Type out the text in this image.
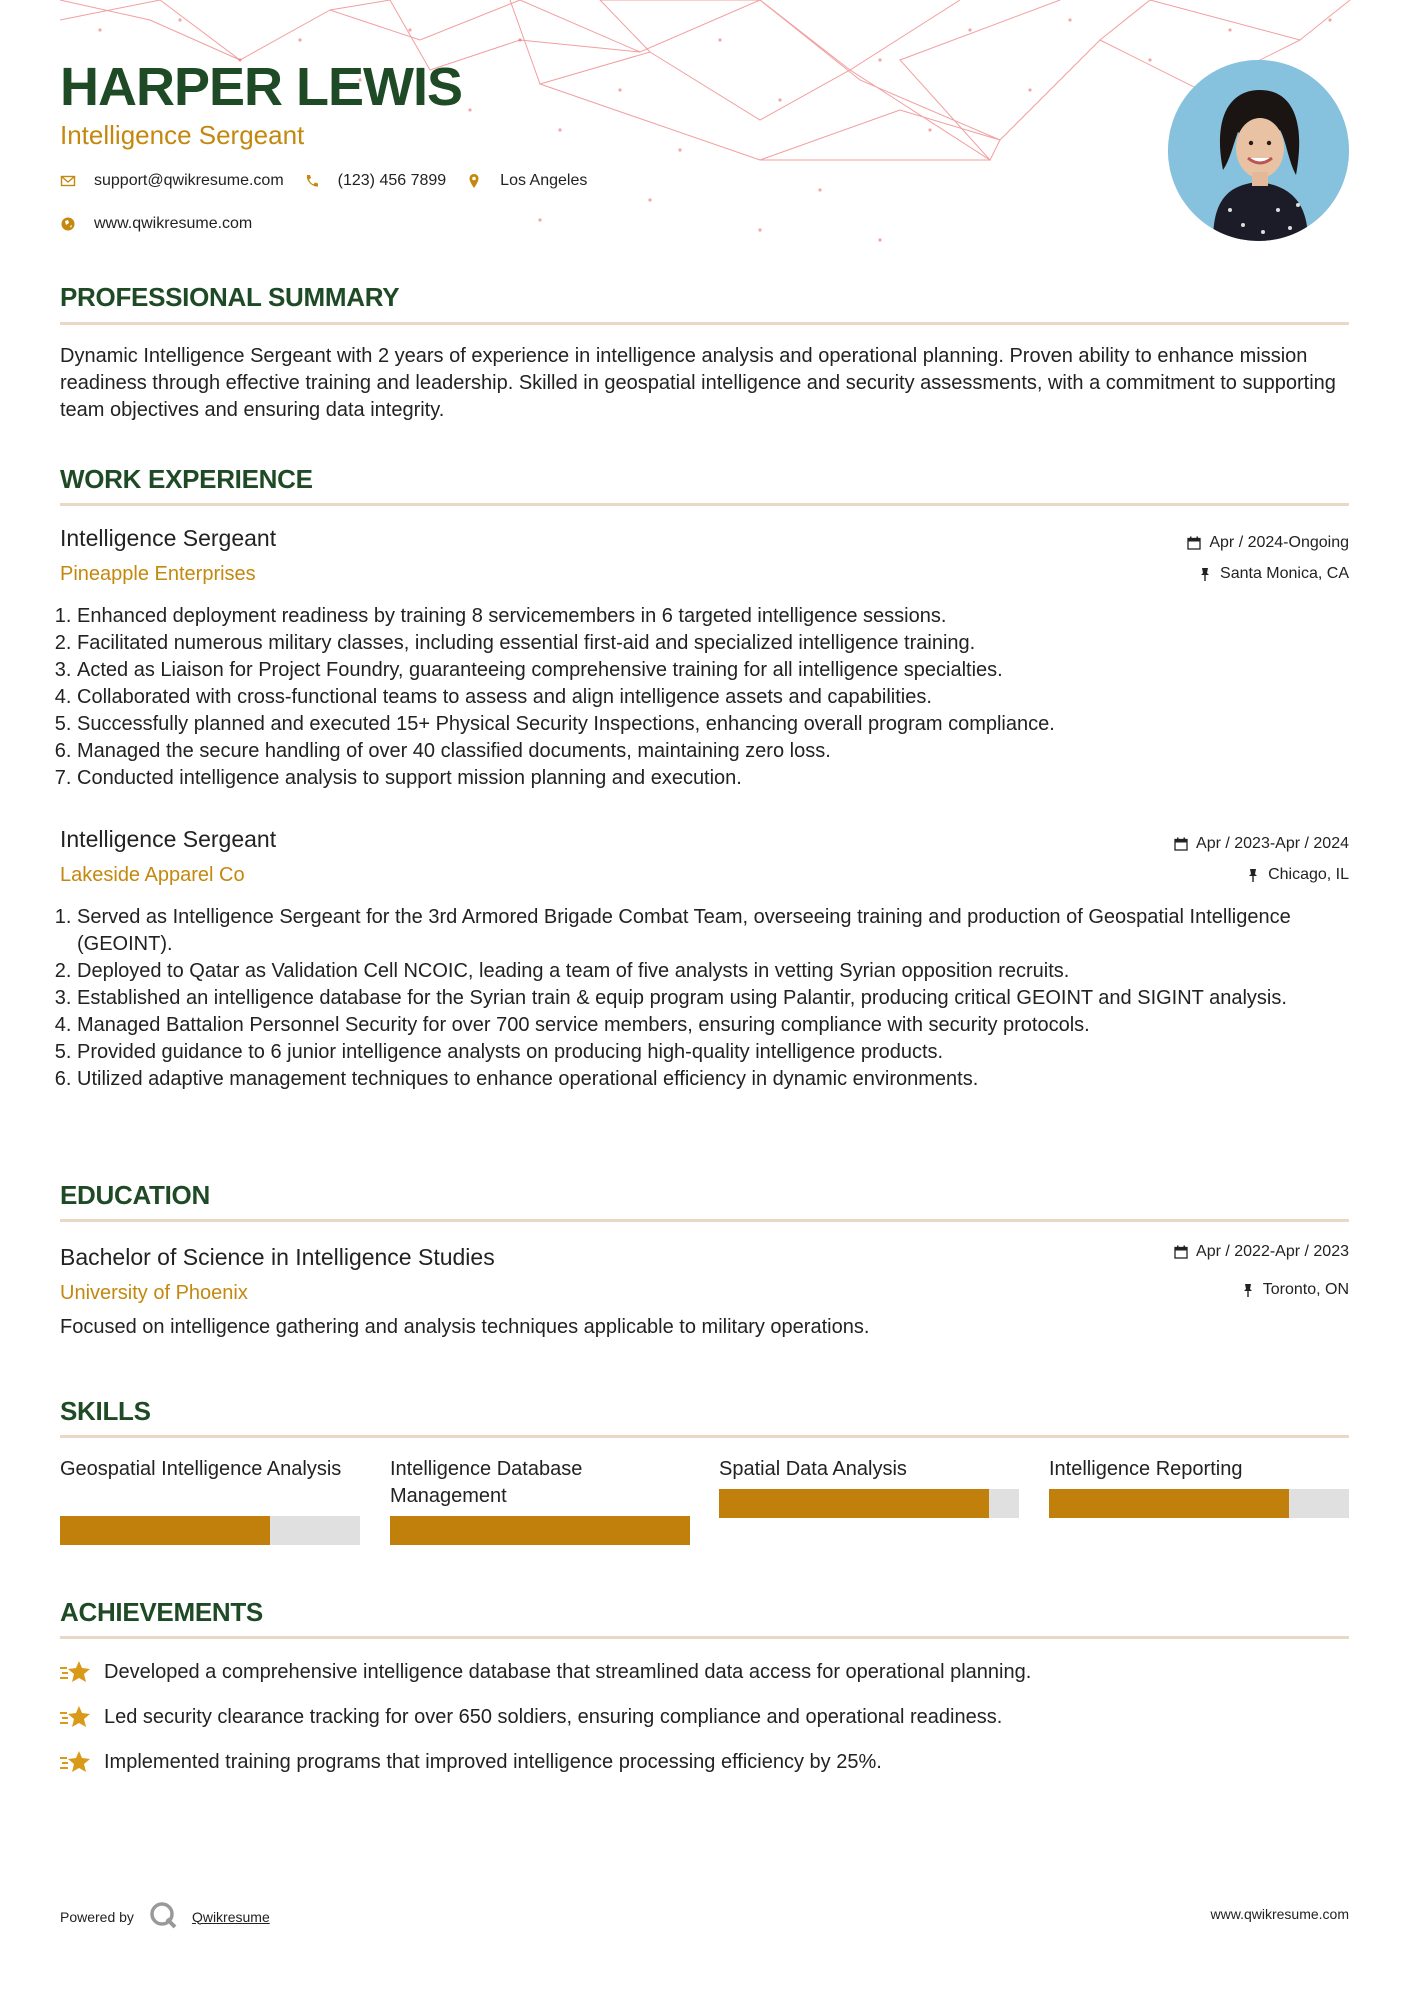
HARPER LEWIS
Intelligence Sergeant
support@qwikresume.com	(123) 456 7899	Los Angeles
www.qwikresume.com
PROFESSIONAL SUMMARY

Dynamic Intelligence Sergeant with 2 years of experience in intelligence analysis and operational planning. Proven ability to enhance mission readiness through effective training and leadership. Skilled in geospatial intelligence and security assessments, with a commitment to supporting team objectives and ensuring data integrity.

WORK EXPERIENCE
Intelligence Sergeant
Pineapple Enterprises
Apr / 2024-Ongoing
Santa Monica, CA
1. Enhanced deployment readiness by training 8 servicemembers in 6 targeted intelligence sessions.
2. Facilitated numerous military classes, including essential first-aid and specialized intelligence training.
3. Acted as Liaison for Project Foundry, guaranteeing comprehensive training for all intelligence specialties.
4. Collaborated with cross-functional teams to assess and align intelligence assets and capabilities.
5. Successfully planned and executed 15+ Physical Security Inspections, enhancing overall program compliance.
6. Managed the secure handling of over 40 classified documents, maintaining zero loss.
7. Conducted intelligence analysis to support mission planning and execution.
Intelligence Sergeant
Lakeside Apparel Co
Apr / 2023-Apr / 2024
Chicago, IL
1. Served as Intelligence Sergeant for the 3rd Armored Brigade Combat Team, overseeing training and production of Geospatial Intelligence (GEOINT).
2. Deployed to Qatar as Validation Cell NCOIC, leading a team of five analysts in vetting Syrian opposition recruits.
3. Established an intelligence database for the Syrian train & equip program using Palantir, producing critical GEOINT and SIGINT analysis.
4. Managed Battalion Personnel Security for over 700 service members, ensuring compliance with security protocols.
5. Provided guidance to 6 junior intelligence analysts on producing high-quality intelligence products.
6. Utilized adaptive management techniques to enhance operational efficiency in dynamic environments.
EDUCATION
Bachelor of Science in Intelligence Studies
University of Phoenix
Apr / 2022-Apr / 2023
Toronto, ON

Focused on intelligence gathering and analysis techniques applicable to military operations.

SKILLS
Geospatial Intelligence Analysis	Intelligence Database Management
Spatial Data Analysis	Intelligence Reporting
ACHIEVEMENTS
Developed a comprehensive intelligence database that streamlined data access for operational planning.
Led security clearance tracking for over 650 soldiers, ensuring compliance and operational readiness.
Implemented training programs that improved intelligence processing efficiency by 25%.
Powered by	Qwikresume	www.qwikresume.com
